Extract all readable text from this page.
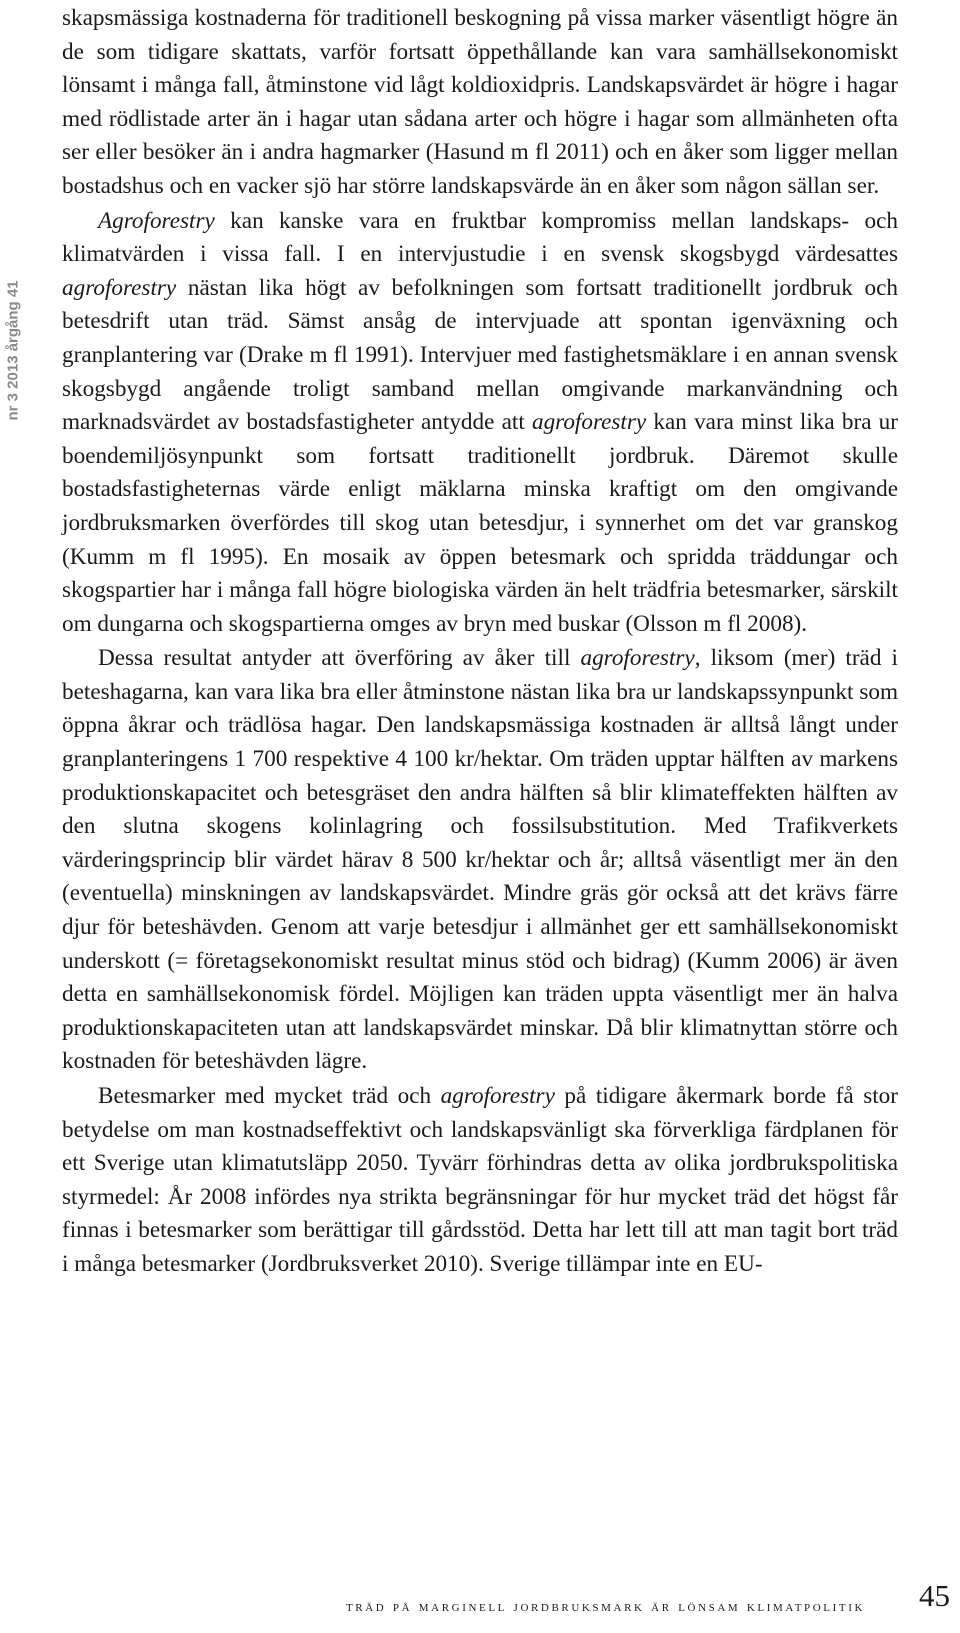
nr 3 2013 årgång 41

skapsmässiga kostnaderna för traditionell beskogning på vissa marker väsentligt högre än de som tidigare skattats, varför fortsatt öppethållande kan vara samhällsekonomiskt lönsamt i många fall, åtminstone vid lågt koldioxidpris. Landskapsvärdet är högre i hagar med rödlistade arter än i hagar utan sådana arter och högre i hagar som allmänheten ofta ser eller besöker än i andra hagmarker (Hasund m fl 2011) och en åker som ligger mellan bostadshus och en vacker sjö har större landskapsvärde än en åker som någon sällan ser.

Agroforestry kan kanske vara en fruktbar kompromiss mellan landskaps- och klimatvärden i vissa fall. I en intervjustudie i en svensk skogsbygd värdesattes agroforestry nästan lika högt av befolkningen som fortsatt traditionellt jordbruk och betesdrift utan träd. Sämst ansåg de intervjuade att spontan igenväxning och granplantering var (Drake m fl 1991). Intervjuer med fastighetsmäklare i en annan svensk skogsbygd angående troligt samband mellan omgivande markanvändning och marknadsvärdet av bostadsfastigheter antydde att agroforestry kan vara minst lika bra ur boendemiljösynpunkt som fortsatt traditionellt jordbruk. Däremot skulle bostadsfastigheternas värde enligt mäklarna minska kraftigt om den omgivande jordbruksmarken överfördes till skog utan betesdjur, i synnerhet om det var granskog (Kumm m fl 1995). En mosaik av öppen betesmark och spridda träddungar och skogspartier har i många fall högre biologiska värden än helt trädfria betesmarker, särskilt om dungarna och skogspartierna omges av bryn med buskar (Olsson m fl 2008).

Dessa resultat antyder att överföring av åker till agroforestry, liksom (mer) träd i beteshagarna, kan vara lika bra eller åtminstone nästan lika bra ur landskapssynpunkt som öppna åkrar och trädlösa hagar. Den landskapsmässiga kostnaden är alltså långt under granplanteringens 1 700 respektive 4 100 kr/hektar. Om träden upptar hälften av markens produktionskapacitet och betesgräset den andra hälften så blir klimateffekten hälften av den slutna skogens kolinlagring och fossilsubstitution. Med Trafikverkets värderingsprincip blir värdet härav 8 500 kr/hektar och år; alltså väsentligt mer än den (eventuella) minskningen av landskapsvärdet. Mindre gräs gör också att det krävs färre djur för beteshävden. Genom att varje betesdjur i allmänhet ger ett samhällsekonomiskt underskott (= företagsekonomiskt resultat minus stöd och bidrag) (Kumm 2006) är även detta en samhällsekonomisk fördel. Möjligen kan träden uppta väsentligt mer än halva produktionskapaciteten utan att landskapsvärdet minskar. Då blir klimatnyttan större och kostnaden för beteshävden lägre.

Betesmarker med mycket träd och agroforestry på tidigare åkermark borde få stor betydelse om man kostnadseffektivt och landskapsvänligt ska förverkliga färdplanen för ett Sverige utan klimatutsläpp 2050. Tyvärr förhindras detta av olika jordbrukspolitiska styrmedel: År 2008 infördes nya strikta begränsningar för hur mycket träd det högst får finnas i betesmarker som berättigar till gårdsstöd. Detta har lett till att man tagit bort träd i många betesmarker (Jordbruksverket 2010). Sverige tillämpar inte en EU-

träd på marginell jordbruksmark är lönsam klimatpolitik 45
